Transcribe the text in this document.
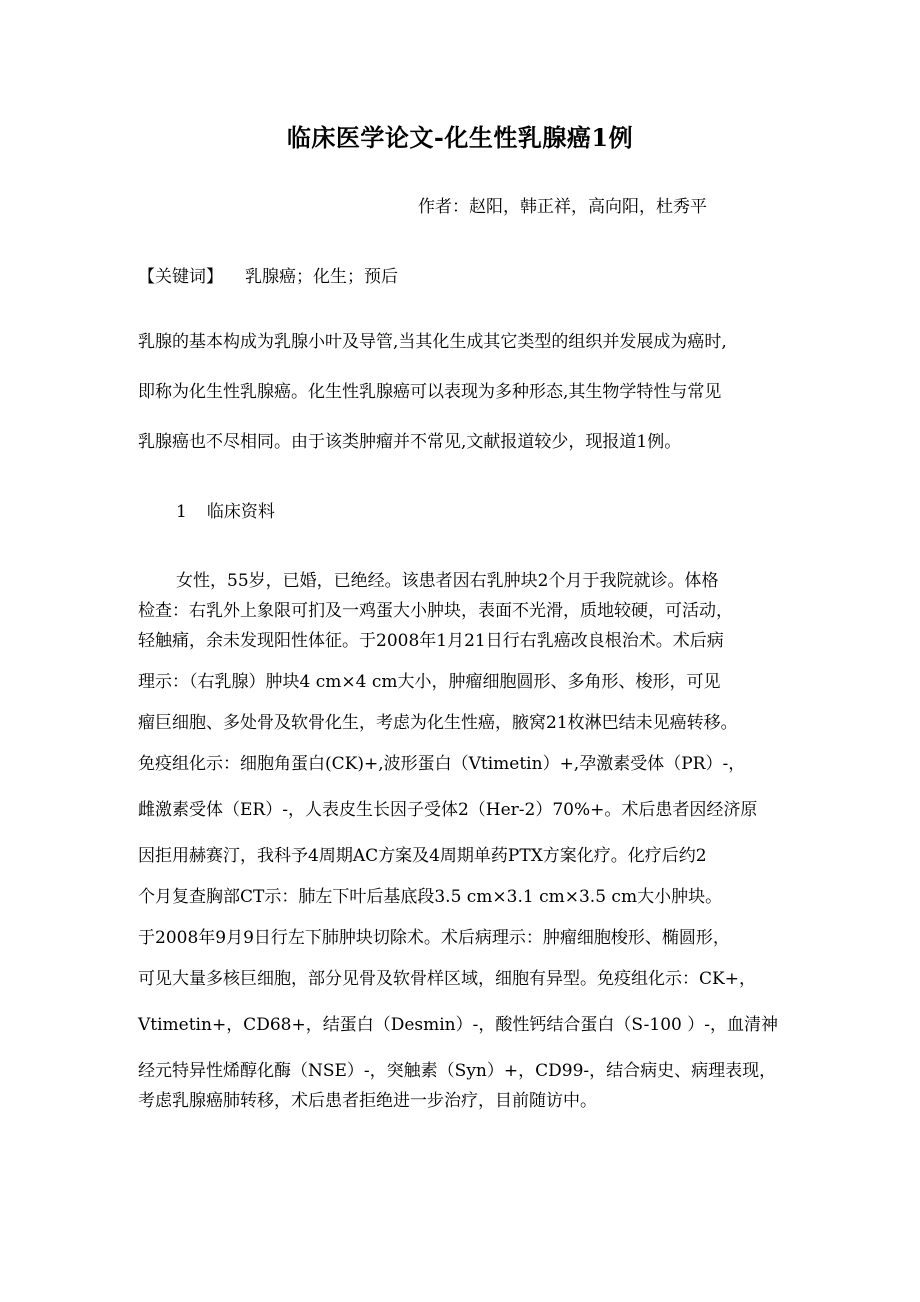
临床医学论文-化生性乳腺癌1例
作者：赵阳，韩正祥，高向阳，杜秀平
【关键词】 乳腺癌；化生；预后
乳腺的基本构成为乳腺小叶及导管,当其化生成其它类型的组织并发展成为癌时,
即称为化生性乳腺癌。化生性乳腺癌可以表现为多种形态,其生物学特性与常见
乳腺癌也不尽相同。由于该类肿瘤并不常见,文献报道较少，现报道1例。
1 临床资料
女性，55岁，已婚，已绝经。该患者因右乳肿块2个月于我院就诊。体格
检查：右乳外上象限可扪及一鸡蛋大小肿块，表面不光滑，质地较硬，可活动，
轻触痛，余未发现阳性体征。于2008年1月21日行右乳癌改良根治术。术后病
理示：（右乳腺）肿块4 cm×4 cm大小，肿瘤细胞圆形、多角形、梭形，可见
瘤巨细胞、多处骨及软骨化生，考虑为化生性癌，腋窝21枚淋巴结未见癌转移。
免疫组化示：细胞角蛋白(CK)+,波形蛋白（Vtimetin）+,孕激素受体（PR）-，
雌激素受体（ER）-，人表皮生长因子受体2（Her-2）70%+。术后患者因经济原
因拒用赫赛汀，我科予4周期AC方案及4周期单药PTX方案化疗。化疗后约2
个月复查胸部CT示：肺左下叶后基底段3.5 cm×3.1 cm×3.5 cm大小肿块。
于2008年9月9日行左下肺肿块切除术。术后病理示：肿瘤细胞梭形、椭圆形，
可见大量多核巨细胞，部分见骨及软骨样区域，细胞有异型。免疫组化示：CK+，
Vtimetin+，CD68+，结蛋白（Desmin）-，酸性钙结合蛋白（S-100 ）-，血清神
经元特异性烯醇化酶（NSE）-，突触素（Syn）+，CD99-，结合病史、病理表现，
考虑乳腺癌肺转移，术后患者拒绝进一步治疗，目前随访中。
